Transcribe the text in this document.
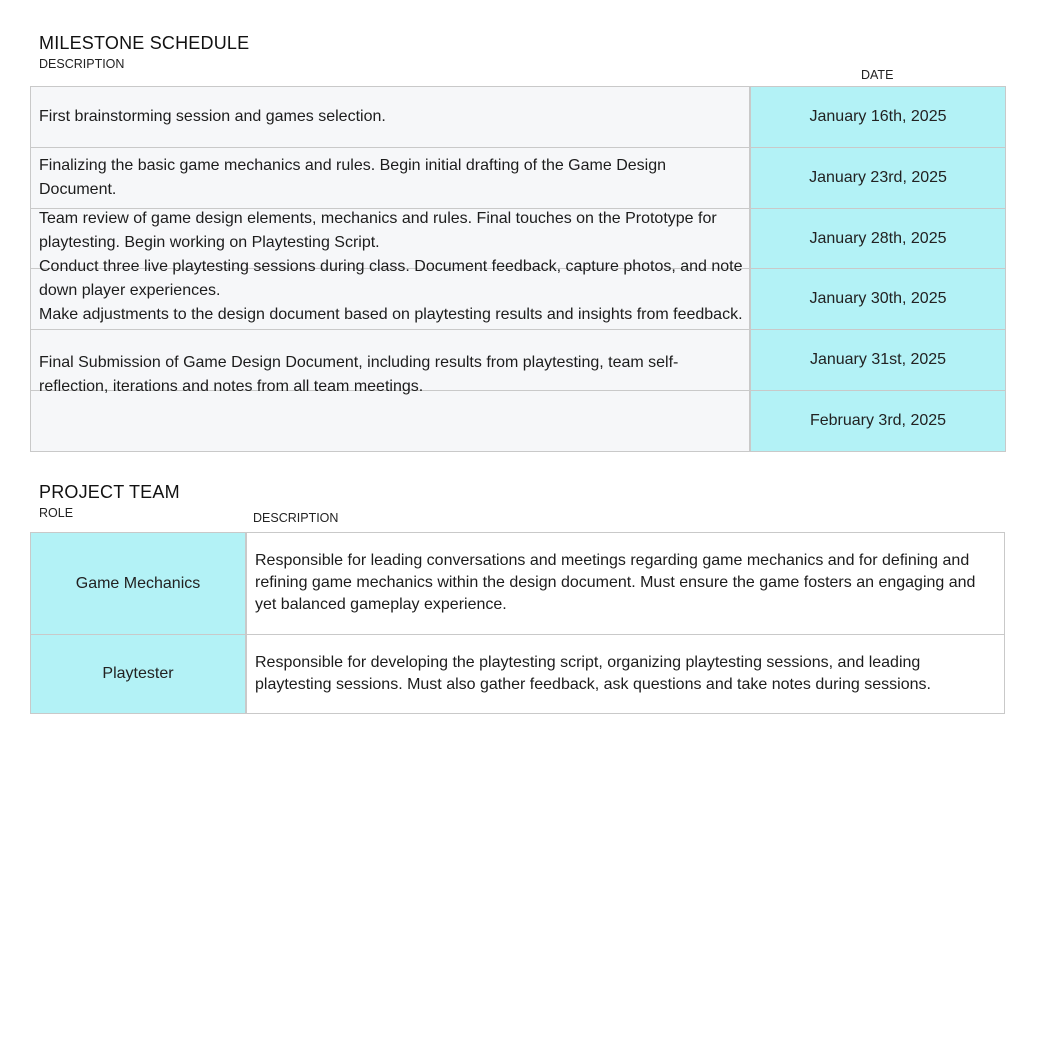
MILESTONE SCHEDULE
DESCRIPTION
DATE
January 16th, 2025
January 23rd, 2025
January 28th, 2025
January 30th, 2025
January 31st, 2025
February 3rd, 2025
First brainstorming session and games selection.
Finalizing the basic game mechanics and rules. Begin initial drafting of the Game Design Document.
Team review of game design elements, mechanics and rules. Final touches on the Prototype for playtesting. Begin working on Playtesting Script.
Conduct three live playtesting sessions during class. Document feedback, capture photos, and note down player experiences.
Make adjustments to the design document based on playtesting results and insights from feedback.
Final Submission of Game Design Document, including results from playtesting, team self-reflection, iterations and notes from all team meetings.
PROJECT TEAM
ROLE	DESCRIPTION
Game Mechanics
Responsible for leading conversations and meetings regarding game mechanics and for defining and refining game mechanics within the design document. Must ensure the game fosters an engaging and yet balanced gameplay experience.
Playtester
Responsible for developing the playtesting script, organizing playtesting sessions, and leading playtesting sessions. Must also gather feedback, ask questions and take notes during sessions.
